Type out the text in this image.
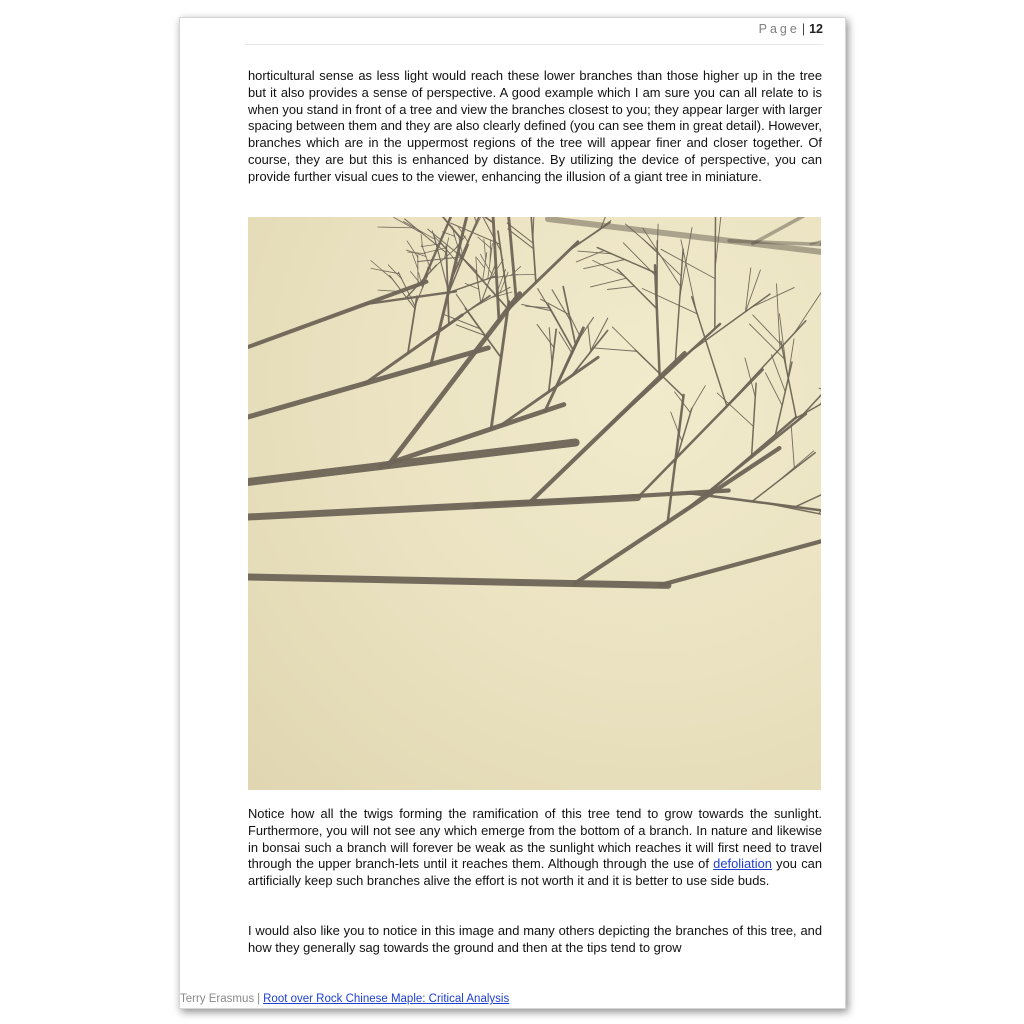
Page | 12

horticultural sense as less light would reach these lower branches than those higher up in the tree but it also provides a sense of perspective. A good example which I am sure you can all relate to is when you stand in front of a tree and view the branches closest to you; they appear larger with larger spacing between them and they are also clearly defined (you can see them in great detail). However, branches which are in the uppermost regions of the tree will appear finer and closer together. Of course, they are but this is enhanced by distance. By utilizing the device of perspective, you can provide further visual cues to the viewer, enhancing the illusion of a giant tree in miniature.

Notice how all the twigs forming the ramification of this tree tend to grow towards the sunlight. Furthermore, you will not see any which emerge from the bottom of a branch. In nature and likewise in bonsai such a branch will forever be weak as the sunlight which reaches it will first need to travel through the upper branch-lets until it reaches them. Although through the use of defoliation you can artificially keep such branches alive the effort is not worth it and it is better to use side buds.

I would also like you to notice in this image and many others depicting the branches of this tree, and how they generally sag towards the ground and then at the tips tend to grow

Terry Erasmus | Root over Rock Chinese Maple: Critical Analysis
